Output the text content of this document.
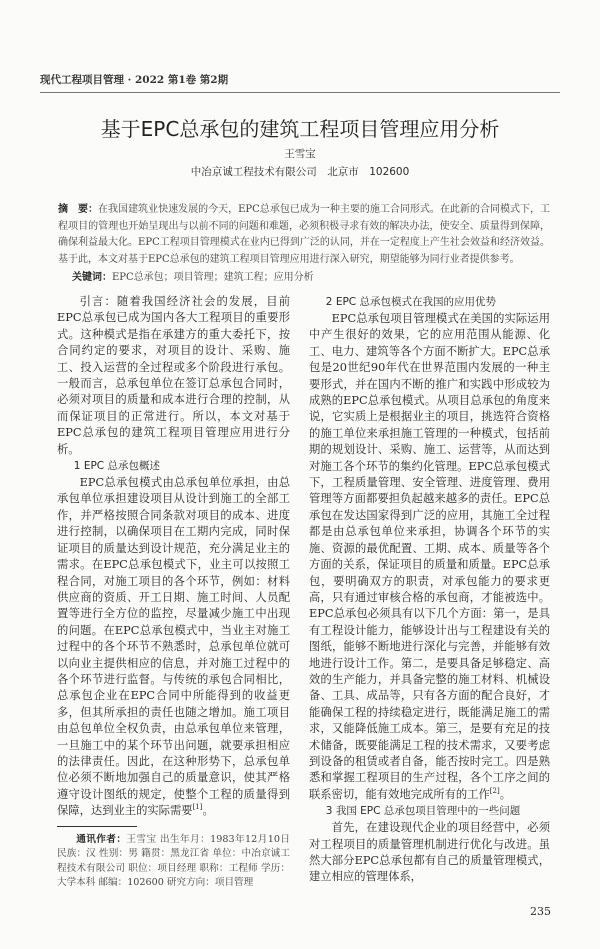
现代工程项目管理 · 2022 第1卷 第2期
基于EPC总承包的建筑工程项目管理应用分析
王雪宝
中冶京诚工程技术有限公司　北京市　102600
摘　要：在我国建筑业快速发展的今天，EPC总承包已成为一种主要的施工合同形式。在此新的合同模式下，工程项目的管理也开始呈现出与以前不同的问题和难题，必须积极寻求有效的解决办法，使安全、质量得到保障，确保利益最大化。EPC工程项目管理模式在业内已得到广泛的认同，并在一定程度上产生社会效益和经济效益。基于此，本文对基于EPC总承包的建筑工程项目管理应用进行深入研究，期望能够为同行业者提供参考。
关键词：EPC总承包；项目管理；建筑工程；应用分析

引言：随着我国经济社会的发展，目前EPC总承包已成为国内各大工程项目的重要形式。这种模式是指在承建方的重大委托下，按合同约定的要求，对项目的设计、采购、施工、投入运营的全过程或多个阶段进行承包。一般而言，总承包单位在签订总承包合同时，必须对项目的质量和成本进行合理的控制，从而保证项目的正常进行。所以，本文对基于EPC总承包的建筑工程项目管理应用进行分析。

1 EPC 总承包概述

EPC总承包模式由总承包单位承担，由总承包单位承担建设项目从设计到施工的全部工作，并严格按照合同条款对项目的成本、进度进行控制，以确保项目在工期内完成，同时保证项目的质量达到设计规范，充分满足业主的需求。在EPC总承包模式下，业主可以按照工程合同，对施工项目的各个环节，例如：材料供应商的资质、开工日期、施工时间、人员配置等进行全方位的监控，尽量减少施工中出现的问题。在EPC总承包模式中，当业主对施工过程中的各个环节不熟悉时，总承包单位就可以向业主提供相应的信息，并对施工过程中的各个环节进行监督。与传统的承包合同相比，总承包企业在EPC合同中所能得到的收益更多，但其所承担的责任也随之增加。施工项目由总包单位全权负责，由总承包单位来管理，一旦施工中的某个环节出问题，就要承担相应的法律责任。因此，在这种形势下，总承包单位必须不断地加强自己的质量意识，使其严格遵守设计图纸的规定，使整个工程的质量得到保障，达到业主的实际需要[1]。

通讯作者：王雪宝 出生年月：1983年12月10日 民族：汉 性别：男 籍贯：黑龙江省 单位：中冶京诚工程技术有限公司 职位：项目经理 职称：工程师 学历：大学本科 邮编：102600 研究方向：项目管理
2 EPC 总承包模式在我国的应用优势

EPC总承包项目管理模式在美国的实际运用中产生很好的效果，它的应用范围从能源、化工、电力、建筑等各个方面不断扩大。EPC总承包是20世纪90年代在世界范围内发展的一种主要形式，并在国内不断的推广和实践中形成较为成熟的EPC总承包模式。从项目总承包的角度来说，它实质上是根据业主的项目，挑选符合资格的施工单位来承担施工管理的一种模式，包括前期的规划设计、采购、施工、运营等，从而达到对施工各个环节的集约化管理。EPC总承包模式下，工程质量管理、安全管理、进度管理、费用管理等方面都要担负起越来越多的责任。EPC总承包在发达国家得到广泛的应用，其施工全过程都是由总承包单位来承担，协调各个环节的实施、资源的最优配置、工期、成本、质量等各个方面的关系，保证项目的质量和质量。EPC总承包，要明确双方的职责，对承包能力的要求更高，只有通过审核合格的承包商，才能被选中。EPC总承包必须具有以下几个方面：第一，是具有工程设计能力，能够设计出与工程建设有关的图纸，能够不断地进行深化与完善，并能够有效地进行设计工作。第二，是要具备足够稳定、高效的生产能力，并具备完整的施工材料、机械设备、工具、成品等，只有各方面的配合良好，才能确保工程的持续稳定进行，既能满足施工的需求，又能降低施工成本。第三，是要有充足的技术储备，既要能满足工程的技术需求，又要考虑到设备的租赁或者自备，能否按时完工。四是熟悉和掌握工程项目的生产过程，各个工序之间的联系密切，能有效地完成所有的工作[2]。

3 我国 EPC 总承包项目管理中的一些问题

首先，在建设现代企业的项目经营中，必须对工程项目的质量管理机制进行优化与改进。虽然大部分EPC总承包都有自己的质量管理模式，建立相应的管理体系，

235
